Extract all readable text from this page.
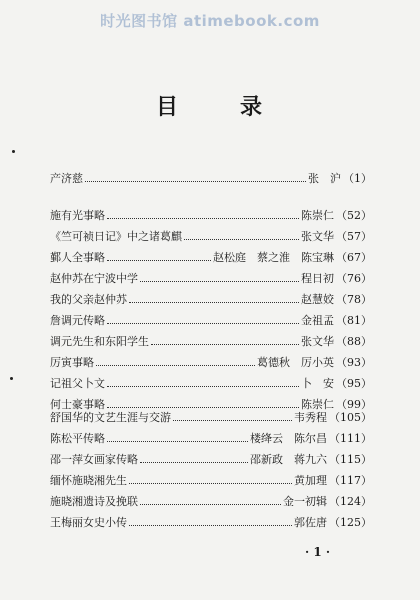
时光图书馆 atimebook.com
目	录
产济慈	张　沪 （1）
施有光事略	陈崇仁 （52）
《竺可祯日记》中之诸葛麒	张文华 （57）
鄞人全事略	赵松庭　蔡之淮　陈宝琳 （67）
赵仲苏在宁波中学	程日初 （76）
我的父亲赵仲苏	赵慧姣 （78）
詹调元传略	金祖孟 （81）
调元先生和东阳学生	张文华 （88）
厉寅事略	葛德秋　厉小英 （93）
记祖父卜文	卜　安 （95）
何士豪事略	陈崇仁 （99）
舒国华的文艺生涯与交游	韦秀程 （105）
陈松平传略	楼绛云　陈尔昌 （111）
邵一萍女画家传略	邵新政　蒋九六 （115）
缅怀施晓湘先生	黄加理 （117）
施晓湘遗诗及挽联	金一初辑 （124）
王梅丽女史小传	郭佐唐 （125）
· 1 ·
